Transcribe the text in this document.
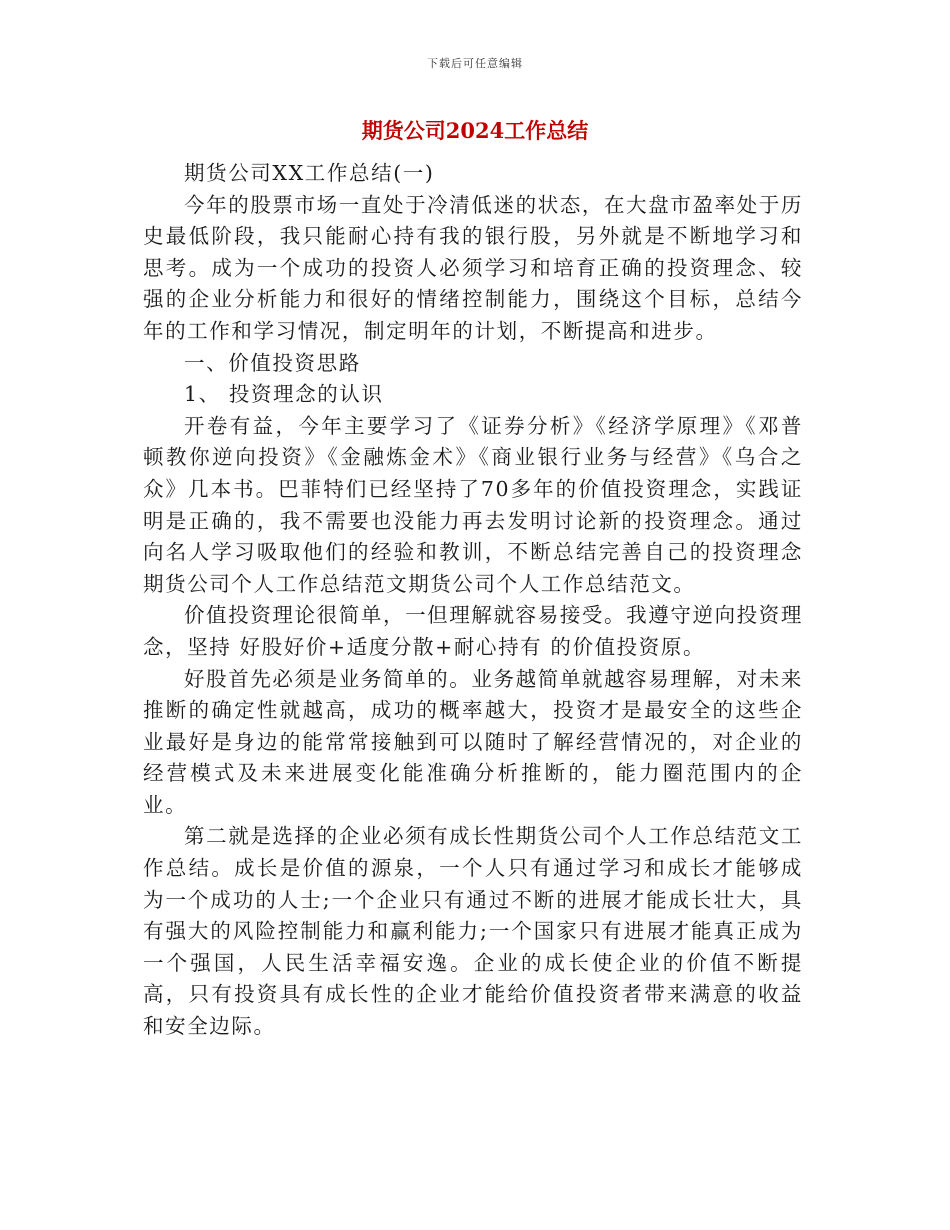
下载后可任意编辑
期货公司2024工作总结

期货公司XX工作总结(一)

今年的股票市场一直处于冷清低迷的状态，在大盘市盈率处于历史最低阶段，我只能耐心持有我的银行股，另外就是不断地学习和思考。成为一个成功的投资人必须学习和培育正确的投资理念、较强的企业分析能力和很好的情绪控制能力，围绕这个目标，总结今年的工作和学习情况，制定明年的计划，不断提高和进步。

一、价值投资思路

1、 投资理念的认识

开卷有益，今年主要学习了《证券分析》《经济学原理》《邓普顿教你逆向投资》《金融炼金术》《商业银行业务与经营》《乌合之众》几本书。巴菲特们已经坚持了70多年的价值投资理念，实践证明是正确的，我不需要也没能力再去发明讨论新的投资理念。通过向名人学习吸取他们的经验和教训，不断总结完善自己的投资理念期货公司个人工作总结范文期货公司个人工作总结范文。

价值投资理论很简单，一但理解就容易接受。我遵守逆向投资理念，坚持 好股好价+适度分散+耐心持有 的价值投资原。

好股首先必须是业务简单的。业务越简单就越容易理解，对未来推断的确定性就越高，成功的概率越大，投资才是最安全的这些企业最好是身边的能常常接触到可以随时了解经营情况的，对企业的经营模式及未来进展变化能准确分析推断的，能力圈范围内的企业。

第二就是选择的企业必须有成长性期货公司个人工作总结范文工作总结。成长是价值的源泉，一个人只有通过学习和成长才能够成为一个成功的人士;一个企业只有通过不断的进展才能成长壮大，具有强大的风险控制能力和赢利能力;一个国家只有进展才能真正成为一个强国，人民生活幸福安逸。企业的成长使企业的价值不断提高，只有投资具有成长性的企业才能给价值投资者带来满意的收益和安全边际。
